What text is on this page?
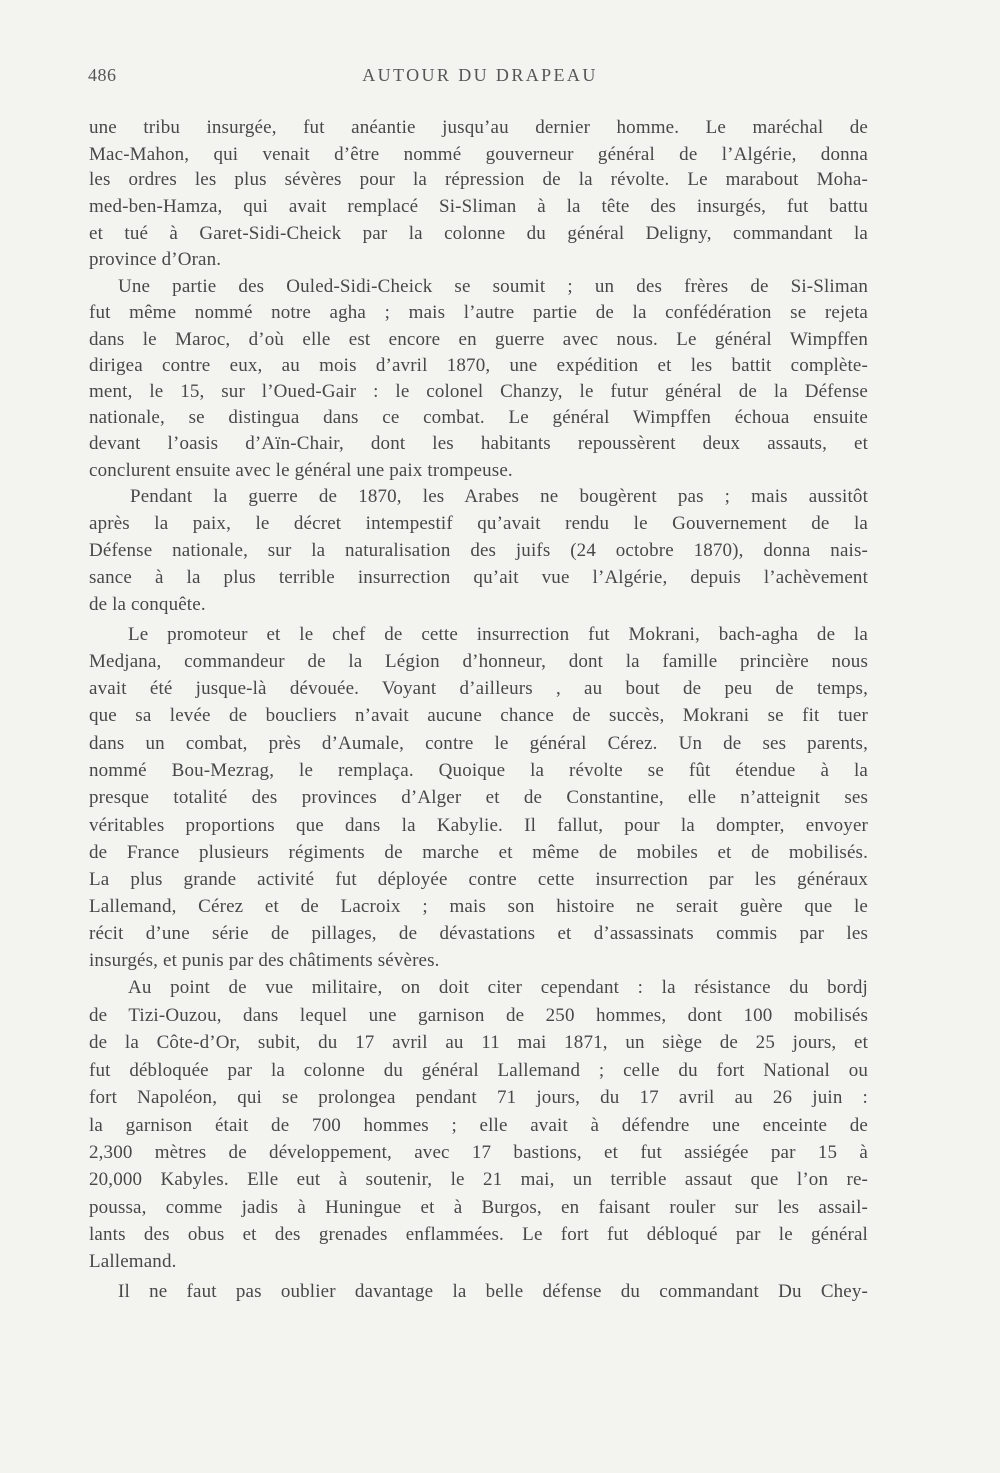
486	AUTOUR DU DRAPEAU
une tribu insurgée, fut anéantie jusqu’au dernier homme. Le maréchal de
Mac-Mahon, qui venait d’être nommé gouverneur général de l’Algérie, donna
les ordres les plus sévères pour la répression de la révolte. Le marabout Moha-
med-ben-Hamza, qui avait remplacé Si-Sliman à la tête des insurgés, fut battu
et tué à Garet-Sidi-Cheick par la colonne du général Deligny, commandant la
province d’Oran.
Une partie des Ouled-Sidi-Cheick se soumit ; un des frères de Si-Sliman
fut même nommé notre agha ; mais l’autre partie de la confédération se rejeta
dans le Maroc, d’où elle est encore en guerre avec nous. Le général Wimpffen
dirigea contre eux, au mois d’avril 1870, une expédition et les battit complète-
ment, le 15, sur l’Oued-Gair : le colonel Chanzy, le futur général de la Défense
nationale, se distingua dans ce combat. Le général Wimpffen échoua ensuite
devant l’oasis d’Aïn-Chair, dont les habitants repoussèrent deux assauts, et
conclurent ensuite avec le général une paix trompeuse.
Pendant la guerre de 1870, les Arabes ne bougèrent pas ; mais aussitôt
après la paix, le décret intempestif qu’avait rendu le Gouvernement de la
Défense nationale, sur la naturalisation des juifs (24 octobre 1870), donna nais-
sance à la plus terrible insurrection qu’ait vue l’Algérie, depuis l’achèvement
de la conquête.
Le promoteur et le chef de cette insurrection fut Mokrani, bach-agha de la
Medjana, commandeur de la Légion d’honneur, dont la famille princière nous
avait été jusque-là dévouée. Voyant d’ailleurs , au bout de peu de temps,
que sa levée de boucliers n’avait aucune chance de succès, Mokrani se fit tuer
dans un combat, près d’Aumale, contre le général Cérez. Un de ses parents,
nommé Bou-Mezrag, le remplaça. Quoique la révolte se fût étendue à la
presque totalité des provinces d’Alger et de Constantine, elle n’atteignit ses
véritables proportions que dans la Kabylie. Il fallut, pour la dompter, envoyer
de France plusieurs régiments de marche et même de mobiles et de mobilisés.
La plus grande activité fut déployée contre cette insurrection par les généraux
Lallemand, Cérez et de Lacroix ; mais son histoire ne serait guère que le
récit d’une série de pillages, de dévastations et d’assassinats commis par les
insurgés, et punis par des châtiments sévères.
Au point de vue militaire, on doit citer cependant : la résistance du bordj
de Tizi-Ouzou, dans lequel une garnison de 250 hommes, dont 100 mobilisés
de la Côte-d’Or, subit, du 17 avril au 11 mai 1871, un siège de 25 jours, et
fut débloquée par la colonne du général Lallemand ; celle du fort National ou
fort Napoléon, qui se prolongea pendant 71 jours, du 17 avril au 26 juin :
la garnison était de 700 hommes ; elle avait à défendre une enceinte de
2,300 mètres de développement, avec 17 bastions, et fut assiégée par 15 à
20,000 Kabyles. Elle eut à soutenir, le 21 mai, un terrible assaut que l’on re-
poussa, comme jadis à Huningue et à Burgos, en faisant rouler sur les assail-
lants des obus et des grenades enflammées. Le fort fut débloqué par le général
Lallemand.
Il ne faut pas oublier davantage la belle défense du commandant Du Chey-
